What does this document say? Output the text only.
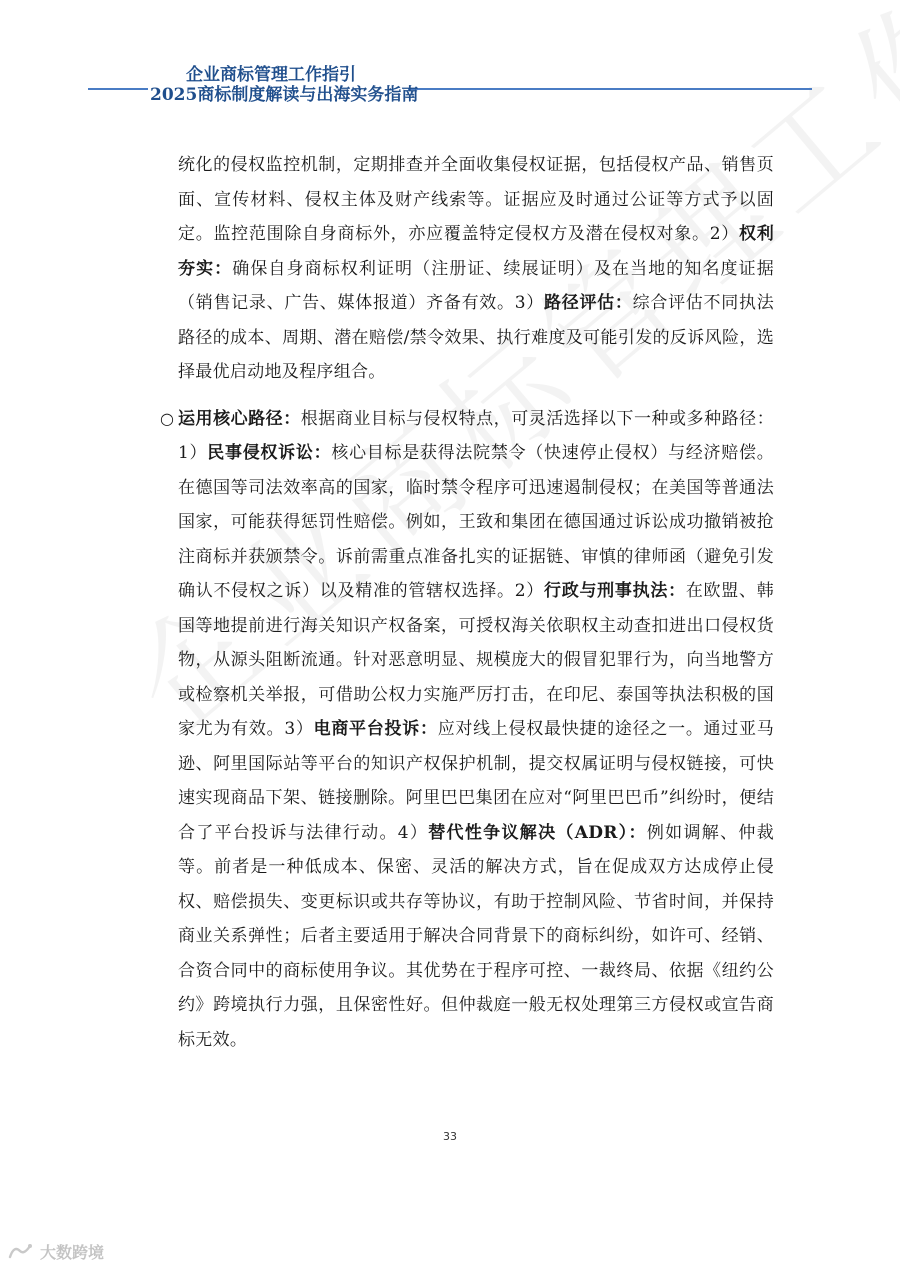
企业商标管理工作指引
2025商标制度解读与出海实务指南

统化的侵权监控机制，定期排查并全面收集侵权证据，包括侵权产品、销售页面、宣传材料、侵权主体及财产线索等。证据应及时通过公证等方式予以固定。监控范围除自身商标外，亦应覆盖特定侵权方及潜在侵权对象。2）权利夯实：确保自身商标权利证明（注册证、续展证明）及在当地的知名度证据（销售记录、广告、媒体报道）齐备有效。3）路径评估：综合评估不同执法路径的成本、周期、潜在赔偿/禁令效果、执行难度及可能引发的反诉风险，选择最优启动地及程序组合。

○ 运用核心路径：根据商业目标与侵权特点，可灵活选择以下一种或多种路径：1）民事侵权诉讼：核心目标是获得法院禁令（快速停止侵权）与经济赔偿。在德国等司法效率高的国家，临时禁令程序可迅速遏制侵权；在美国等普通法国家，可能获得惩罚性赔偿。例如，王致和集团在德国通过诉讼成功撤销被抢注商标并获颁禁令。诉前需重点准备扎实的证据链、审慎的律师函（避免引发确认不侵权之诉）以及精准的管辖权选择。2）行政与刑事执法：在欧盟、韩国等地提前进行海关知识产权备案，可授权海关依职权主动查扣进出口侵权货物，从源头阻断流通。针对恶意明显、规模庞大的假冒犯罪行为，向当地警方或检察机关举报，可借助公权力实施严厉打击，在印尼、泰国等执法积极的国家尤为有效。3）电商平台投诉：应对线上侵权最快捷的途径之一。通过亚马逊、阿里国际站等平台的知识产权保护机制，提交权属证明与侵权链接，可快速实现商品下架、链接删除。阿里巴巴集团在应对“阿里巴巴币”纠纷时，便结合了平台投诉与法律行动。4）替代性争议解决（ADR）：例如调解、仲裁等。前者是一种低成本、保密、灵活的解决方式，旨在促成双方达成停止侵权、赔偿损失、变更标识或共存等协议，有助于控制风险、节省时间，并保持商业关系弹性；后者主要适用于解决合同背景下的商标纠纷，如许可、经销、合资合同中的商标使用争议。其优势在于程序可控、一裁终局、依据《纽约公约》跨境执行力强，且保密性好。但仲裁庭一般无权处理第三方侵权或宣告商标无效。

33
大数跨境
